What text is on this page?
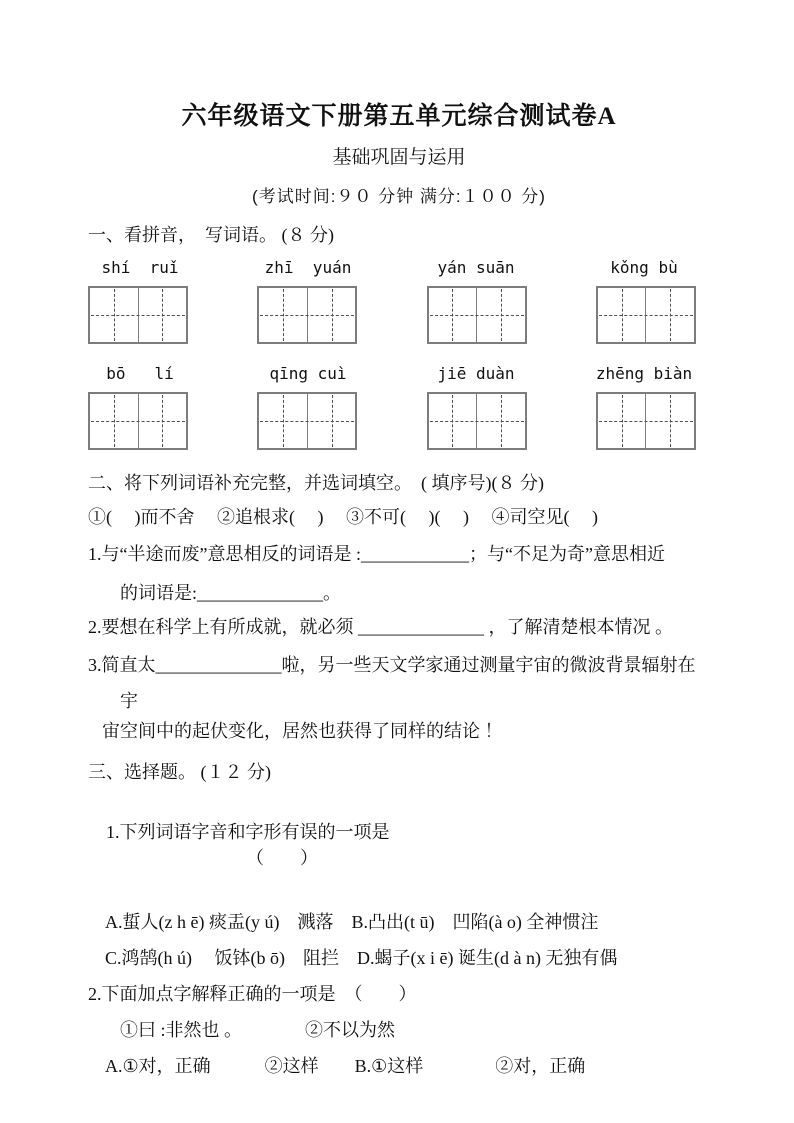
六年级语文下册第五单元综合测试卷A
基础巩固与运用
(考试时间:９０ 分钟 满分:１００ 分)
一、看拼音，  写词语。 (８ 分)
shí  ruǐ	zhī  yuán	yán suān	kǒng bù
bō   lí	qīng cuì	jiē duàn	zhēng biàn
二、将下列词语补充完整，并选词填空。　( 填序号)(８ 分)
①(　 )而不舍　 ②追根求(　 )　 ③不可(　 )(　 )　 ④司空见(　 )
1.与“半途而废”意思相反的词语是 :____________；与“不足为奇”意思相近
的词语是:______________。
2.要想在科学上有所成就，就必须 ______________ ，了解清楚根本情况 。
3.简直太______________啦，另一些天文学家通过测量宇宙的微波背景辐射在
宇
宙空间中的起伏变化，居然也获得了同样的结论 ！
三、选择题。 (１２ 分)

1.下列词语字音和字形有误的一项是
（　　）

A.蜇人(z h ē) 痰盂(y ú)　溅落　B.凸出(t ū)　凹陷(à o) 全神惯注
C.鸿鹄(h ú)　 饭钵(b ō)　阻拦　D.蝎子(x i ē) 诞生(d à n) 无独有偶
2.下面加点字解释正确的一项是　（　　）
①曰 :非然也 。　　　　②不以为然
A.①对，正确　　　②这样　　B.①这样　　　　②对，正确
